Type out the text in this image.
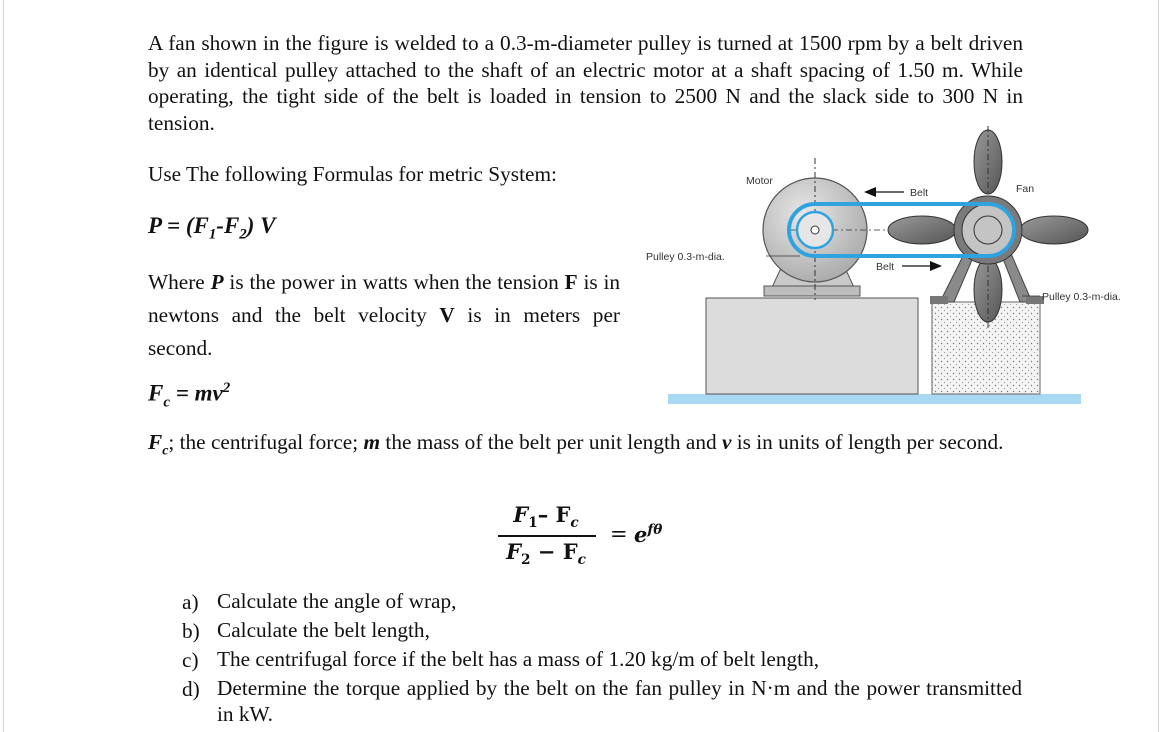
A fan shown in the figure is welded to a 0.3-m-diameter pulley is turned at 1500 rpm by a belt driven by an identical pulley attached to the shaft of an electric motor at a shaft spacing of 1.50 m. While operating, the tight side of the belt is loaded in tension to 2500 N and the slack side to 300 N in tension.

Use The following Formulas for metric System:

$P = (F_1-F_2)$ V

Where P is the power in watts when the tension F is in newtons and the belt velocity V is in meters per second.

$F_c = mv^2$

$F_c$; the centrifugal force; m the mass of the belt per unit length and v is in units of length per second.

$F_1-$ $F_c$
$F_2 - F_c$
= $e^{f\theta}$
a) Calculate the angle of wrap,
b) Calculate the belt length,
c) The centrifugal force if the belt has a mass of 1.20 kg/m of belt length,
d) Determine the torque applied by the belt on the fan pulley in N·m and the power transmitted in kW.
Motor
Belt
Belt
Fan
Pulley 0.3-m-dia.
Pulley 0.3-m-dia.
